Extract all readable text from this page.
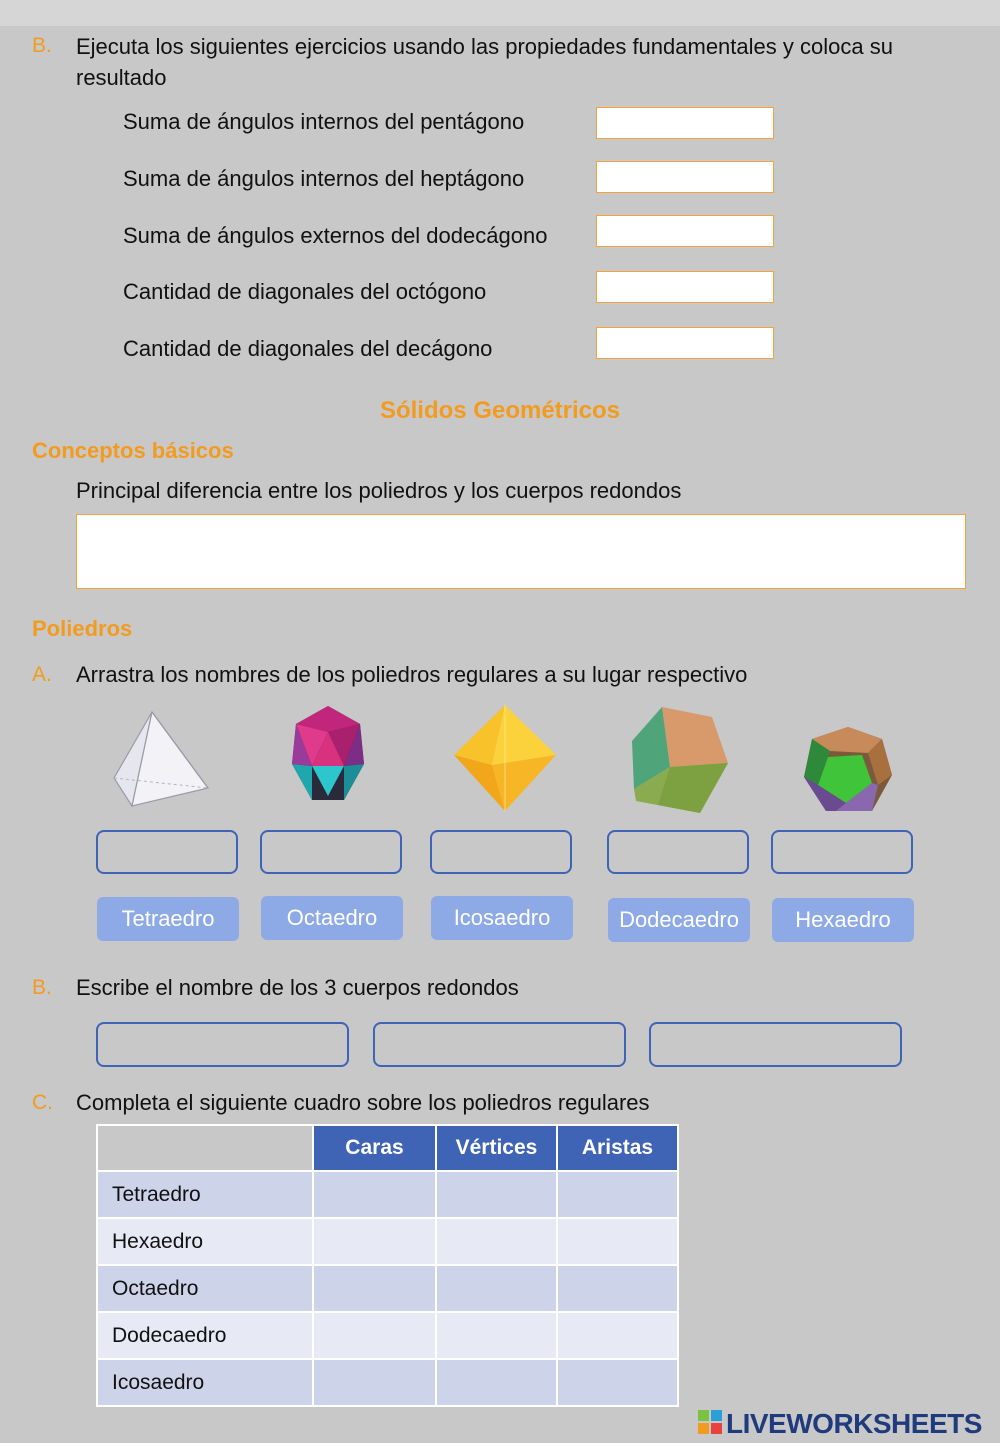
B. Ejecuta los siguientes ejercicios usando las propiedades fundamentales y coloca su
resultado
Suma de ángulos internos del pentágono
Suma de ángulos internos del heptágono
Suma de ángulos externos del dodecágono
Cantidad de diagonales del octógono
Cantidad de diagonales del decágono
Sólidos Geométricos
Conceptos básicos
Principal diferencia entre los poliedros y los cuerpos redondos
Poliedros
A. Arrastra los nombres de los poliedros regulares a su lugar respectivo
Tetraedro	Octaedro	Icosaedro	Dodecaedro	Hexaedro
B. Escribe el nombre de los 3 cuerpos redondos
C. Completa el siguiente cuadro sobre los poliedros regulares
	Caras	Vértices	Aristas
Tetraedro			
Hexaedro			
Octaedro			
Dodecaedro			
Icosaedro			
LIVEWORKSHEETS
